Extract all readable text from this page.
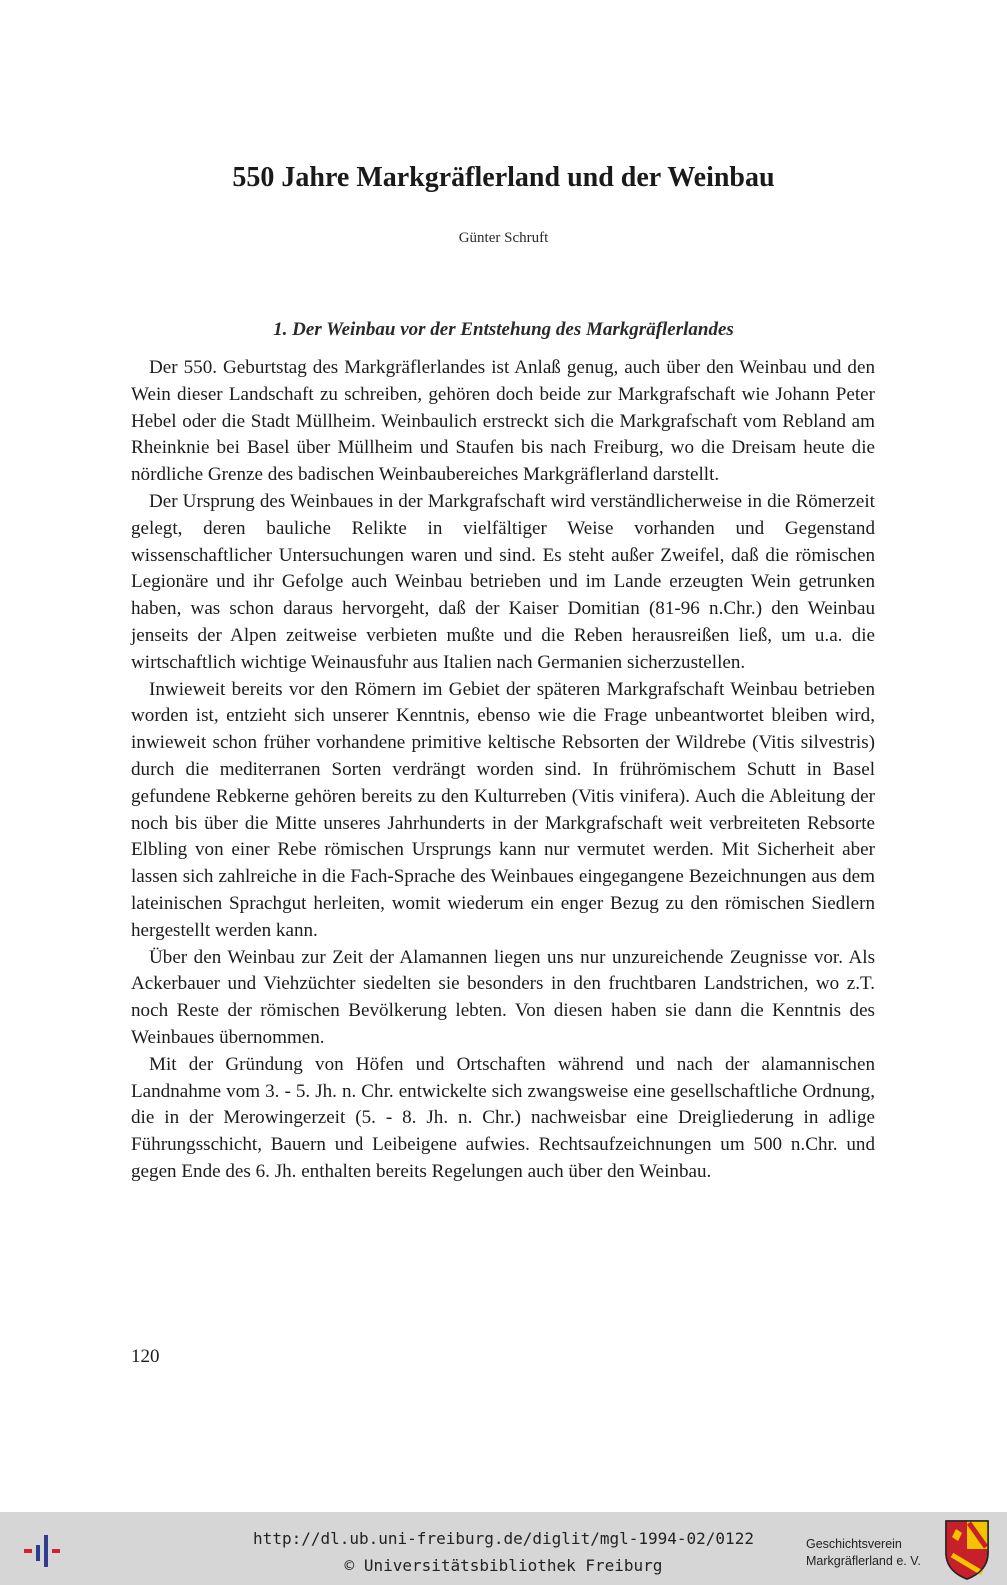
550 Jahre Markgräflerland und der Weinbau
Günter Schruft
1. Der Weinbau vor der Entstehung des Markgräflerlandes

Der 550. Geburtstag des Markgräflerlandes ist Anlaß genug, auch über den Weinbau und den Wein dieser Landschaft zu schreiben, gehören doch beide zur Markgrafschaft wie Johann Peter Hebel oder die Stadt Müllheim. Weinbaulich erstreckt sich die Markgrafschaft vom Rebland am Rheinknie bei Basel über Müllheim und Staufen bis nach Freiburg, wo die Dreisam heute die nördliche Grenze des badischen Weinbaubereiches Markgräflerland darstellt.

Der Ursprung des Weinbaues in der Markgrafschaft wird verständlicherweise in die Römerzeit gelegt, deren bauliche Relikte in vielfältiger Weise vorhanden und Gegenstand wissenschaftlicher Untersuchungen waren und sind. Es steht außer Zweifel, daß die römischen Legionäre und ihr Gefolge auch Weinbau betrieben und im Lande erzeugten Wein getrunken haben, was schon daraus hervorgeht, daß der Kaiser Domitian (81-96 n.Chr.) den Weinbau jenseits der Alpen zeitweise verbieten mußte und die Reben herausreißen ließ, um u.a. die wirtschaftlich wichtige Weinausfuhr aus Italien nach Germanien sicherzustellen.

Inwieweit bereits vor den Römern im Gebiet der späteren Markgrafschaft Weinbau betrieben worden ist, entzieht sich unserer Kenntnis, ebenso wie die Frage unbeantwortet bleiben wird, inwieweit schon früher vorhandene primitive keltische Rebsorten der Wildrebe (Vitis silvestris) durch die mediterranen Sorten verdrängt worden sind. In frührömischem Schutt in Basel gefundene Rebkerne gehören bereits zu den Kulturreben (Vitis vinifera). Auch die Ableitung der noch bis über die Mitte unseres Jahrhunderts in der Markgrafschaft weit verbreiteten Rebsorte Elbling von einer Rebe römischen Ursprungs kann nur vermutet werden. Mit Sicherheit aber lassen sich zahlreiche in die Fach-Sprache des Weinbaues eingegangene Bezeichnungen aus dem lateinischen Sprachgut herleiten, womit wiederum ein enger Bezug zu den römischen Siedlern hergestellt werden kann.

Über den Weinbau zur Zeit der Alamannen liegen uns nur unzureichende Zeugnisse vor. Als Ackerbauer und Viehzüchter siedelten sie besonders in den fruchtbaren Landstrichen, wo z.T. noch Reste der römischen Bevölkerung lebten. Von diesen haben sie dann die Kenntnis des Weinbaues übernommen.

Mit der Gründung von Höfen und Ortschaften während und nach der alamannischen Landnahme vom 3. - 5. Jh. n. Chr. entwickelte sich zwangsweise eine gesellschaftliche Ordnung, die in der Merowingerzeit (5. - 8. Jh. n. Chr.) nachweisbar eine Dreigliederung in adlige Führungsschicht, Bauern und Leibeigene aufwies. Rechtsaufzeichnungen um 500 n.Chr. und gegen Ende des 6. Jh. enthalten bereits Regelungen auch über den Weinbau.

120
http://dl.ub.uni-freiburg.de/diglit/mgl-1994-02/0122
© Universitätsbibliothek Freiburg
Geschichtsverein
Markgräflerland e. V.
